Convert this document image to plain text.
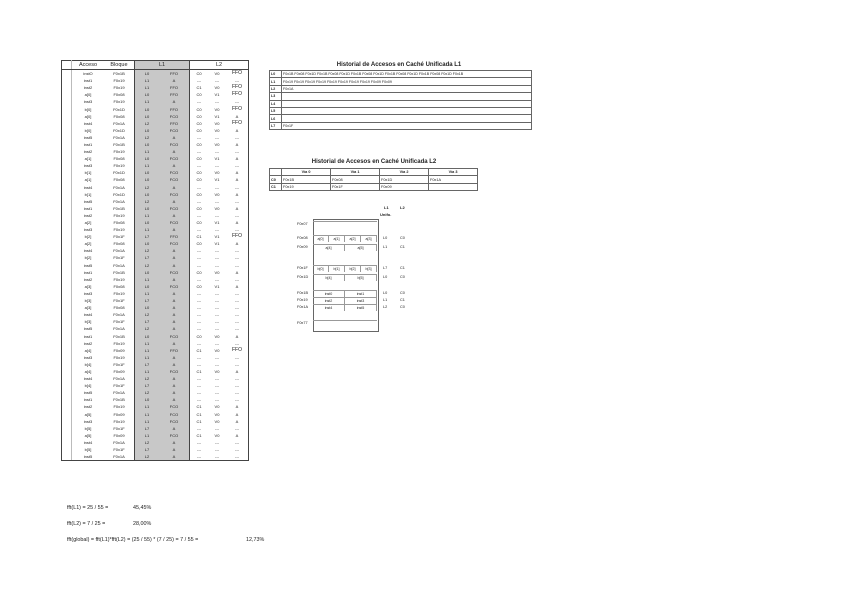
	Acceso	Bloque	L1		L2		
	instO	F0x1B	L0	FFO	C0	V0	FFO
	inst1	F0x19	L1	A	---	---	---
	inst2	F0x19	L1	FFO	C1	V0	FFO
	a[0]	F0x08	L0	FFO	C0	V1	FFO
	inst3	F0x19	L1	A	---	---	---
	b[0]	F0x1D	L0	FFO	C0	V0	FFO
	a[0]	F0x08	L0	FCO	C0	V1	A
	inst4	F0x1A	L2	FFO	C0	V0	FFO
	b[0]	F0x1D	L0	FCO	C0	V0	A
	inst5	F0x1A	L2	A	---	---	---
	inst1	F0x1B	L0	FCO	C0	V0	A
	inst2	F0x19	L1	A	---	---	---
	a[1]	F0x08	L0	FCO	C0	V1	A
	inst3	F0x19	L1	A	---	---	---
	b[1]	F0x1D	L0	FCO	C0	V0	A
	a[1]	F0x08	L0	FCO	C0	V1	A
	inst4	F0x1A	L2	A	---	---	---
	b[1]	F0x1D	L0	FCO	C0	V0	A
	inst5	F0x1A	L2	A	---	---	---
	inst1	F0x1B	L0	FCO	C0	V0	A
	inst2	F0x19	L1	A	---	---	---
	a[2]	F0x08	L0	FCO	C0	V1	A
	inst3	F0x19	L1	A	---	---	---
	b[2]	F0x1F	L7	FFO	C1	V1	FFO
	a[2]	F0x08	L0	FCO	C0	V1	A
	inst4	F0x1A	L2	A	---	---	---
	b[2]	F0x1F	L7	A	---	---	---
	inst5	F0x1A	L2	A	---	---	---
	inst1	F0x1B	L0	FCO	C0	V0	A
	inst2	F0x19	L1	A	---	---	---
	a[3]	F0x08	L0	FCO	C0	V1	A
	inst3	F0x19	L1	A	---	---	---
	b[3]	F0x1F	L7	A	---	---	---
	a[3]	F0x08	L0	A	---	---	---
	inst4	F0x1A	L2	A	---	---	---
	b[3]	F0x1F	L7	A	---	---	---
	inst5	F0x1A	L2	A	---	---	---
	inst1	F0x1B	L0	FCO	C0	V0	A
	inst2	F0x19	L1	A	---	---	---
	a[4]	F0x09	L1	FFO	C1	V0	FFO
	inst3	F0x19	L1	A	---	---	---
	b[4]	F0x1F	L7	A	---	---	---
	a[4]	F0x09	L1	FCO	C1	V0	A
	inst4	F0x1A	L2	A	---	---	---
	b[4]	F0x1F	L7	A	---	---	---
	inst5	F0x1A	L2	A	---	---	---
	inst1	F0x1B	L0	A	---	---	---
	inst2	F0x19	L1	FCO	C1	V0	A
	a[5]	F0x09	L1	FCO	C1	V0	A
	inst3	F0x19	L1	FCO	C1	V0	A
	b[5]	F0x1F	L7	A	---	---	---
	a[5]	F0x09	L1	FCO	C1	V0	A
	inst4	F0x1A	L2	A	---	---	---
	b[5]	F0x1F	L7	A	---	---	---
	inst5	F0x1A	L2	A	---	---	---
Historial de Accesos en Caché Unificada L1
L0	F0x1B F0x08 F0x1D F0x1B F0x08 F0x1D F0x1B F0x08 F0x1D F0x1B F0x08 F0x1D F0x1B F0x08 F0x1D F0x1B
L1	F0x19 F0x19 F0x19 F0x19 F0x19 F0x19 F0x19 F0x19 F0x09 F0x09
L2	F0x1A
L3	
L4	
L5	
L6	
L7	F0x1F
Historial de Accesos en Caché Unificada L2
	Vía 0	Vía 1	Vía 2	Vía 3
C0	F0x1B	F0x08	F0x1D	F0x1A
C1	F0x19	F0x1F	F0x09	
L1	L2
Unifo.
F0x07
F0x08	a[0]	a[1]	a[2]	a[3]	L0	C0
F0x09	a[4]	a[5]	L1	C1
F0x1F	b[0]	b[1]	b[2]	b[3]	L7	C1
F0x1D	b[4]	b[5]	L0	C0
F0x1B	inst0	inst1	L0	C0
F0x19	inst2	inst3	L1	C1
F0x1A	inst4	inst5	L2	C0
F0x77
fft(L1) = 25 / 55 =	45,45%
fft(L2) = 7 / 25 =	28,00%
fft(global) = fft(L1)*fft(L2) = (25 / 55) * (7 / 25) = 7 / 55 =	12,73%
